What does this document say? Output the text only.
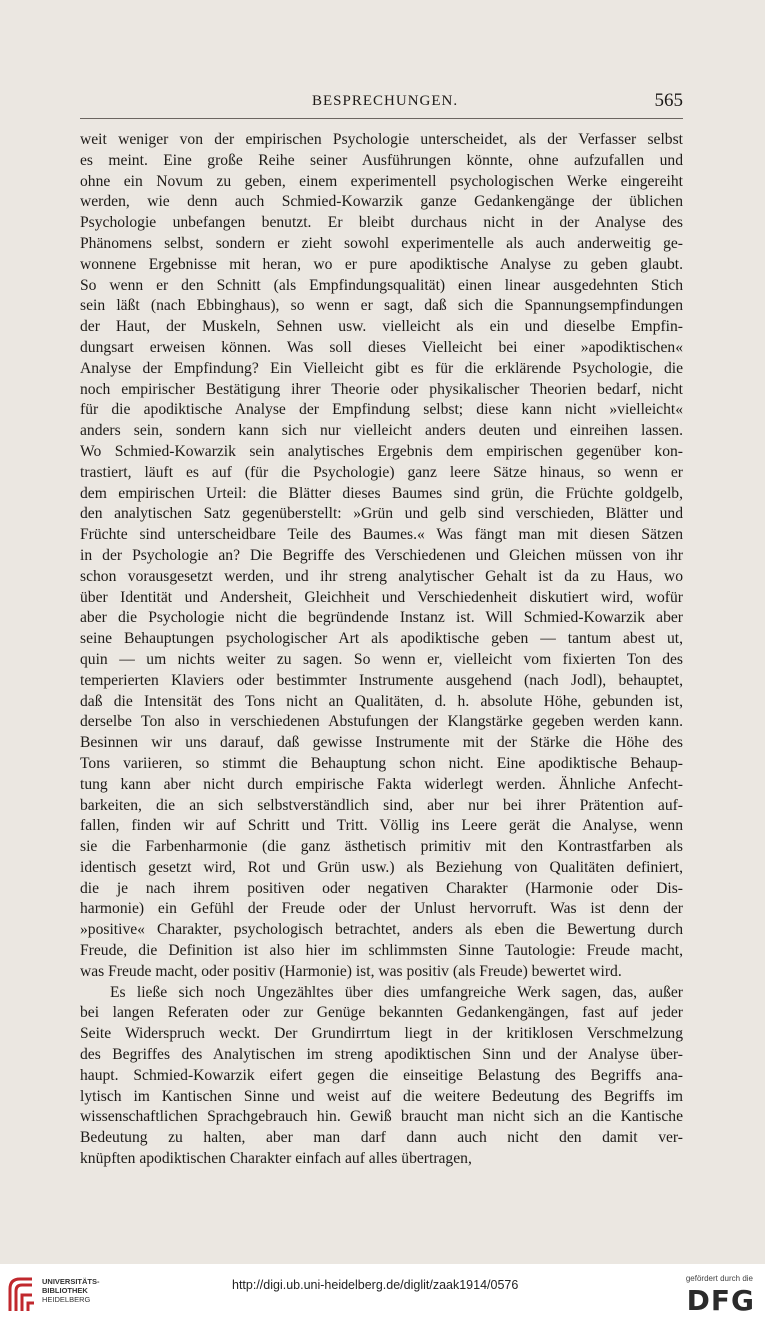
BESPRECHUNGEN.	565
weit weniger von der empirischen Psychologie unterscheidet, als der Verfasser selbst
es meint. Eine große Reihe seiner Ausführungen könnte, ohne aufzufallen und
ohne ein Novum zu geben, einem experimentell psychologischen Werke eingereiht
werden, wie denn auch Schmied-Kowarzik ganze Gedankengänge der üblichen
Psychologie unbefangen benutzt. Er bleibt durchaus nicht in der Analyse des
Phänomens selbst, sondern er zieht sowohl experimentelle als auch anderweitig ge-
wonnene Ergebnisse mit heran, wo er pure apodiktische Analyse zu geben glaubt.
So wenn er den Schnitt (als Empfindungsqualität) einen linear ausgedehnten Stich
sein läßt (nach Ebbinghaus), so wenn er sagt, daß sich die Spannungsempfindungen
der Haut, der Muskeln, Sehnen usw. vielleicht als ein und dieselbe Empfin-
dungsart erweisen können. Was soll dieses Vielleicht bei einer »apodiktischen«
Analyse der Empfindung? Ein Vielleicht gibt es für die erklärende Psychologie, die
noch empirischer Bestätigung ihrer Theorie oder physikalischer Theorien bedarf, nicht
für die apodiktische Analyse der Empfindung selbst; diese kann nicht »vielleicht«
anders sein, sondern kann sich nur vielleicht anders deuten und einreihen lassen.
Wo Schmied-Kowarzik sein analytisches Ergebnis dem empirischen gegenüber kon-
trastiert, läuft es auf (für die Psychologie) ganz leere Sätze hinaus, so wenn er
dem empirischen Urteil: die Blätter dieses Baumes sind grün, die Früchte goldgelb,
den analytischen Satz gegenüberstellt: »Grün und gelb sind verschieden, Blätter und
Früchte sind unterscheidbare Teile des Baumes.« Was fängt man mit diesen Sätzen
in der Psychologie an? Die Begriffe des Verschiedenen und Gleichen müssen von ihr
schon vorausgesetzt werden, und ihr streng analytischer Gehalt ist da zu Haus, wo
über Identität und Andersheit, Gleichheit und Verschiedenheit diskutiert wird, wofür
aber die Psychologie nicht die begründende Instanz ist. Will Schmied-Kowarzik aber
seine Behauptungen psychologischer Art als apodiktische geben — tantum abest ut,
quin — um nichts weiter zu sagen. So wenn er, vielleicht vom fixierten Ton des
temperierten Klaviers oder bestimmter Instrumente ausgehend (nach Jodl), behauptet,
daß die Intensität des Tons nicht an Qualitäten, d. h. absolute Höhe, gebunden ist,
derselbe Ton also in verschiedenen Abstufungen der Klangstärke gegeben werden kann.
Besinnen wir uns darauf, daß gewisse Instrumente mit der Stärke die Höhe des
Tons variieren, so stimmt die Behauptung schon nicht. Eine apodiktische Behaup-
tung kann aber nicht durch empirische Fakta widerlegt werden. Ähnliche Anfecht-
barkeiten, die an sich selbstverständlich sind, aber nur bei ihrer Prätention auf-
fallen, finden wir auf Schritt und Tritt. Völlig ins Leere gerät die Analyse, wenn
sie die Farbenharmonie (die ganz ästhetisch primitiv mit den Kontrastfarben als
identisch gesetzt wird, Rot und Grün usw.) als Beziehung von Qualitäten definiert,
die je nach ihrem positiven oder negativen Charakter (Harmonie oder Dis-
harmonie) ein Gefühl der Freude oder der Unlust hervorruft. Was ist denn der
»positive« Charakter, psychologisch betrachtet, anders als eben die Bewertung durch
Freude, die Definition ist also hier im schlimmsten Sinne Tautologie: Freude macht,
was Freude macht, oder positiv (Harmonie) ist, was positiv (als Freude) bewertet wird.
Es ließe sich noch Ungezähltes über dies umfangreiche Werk sagen, das, außer
bei langen Referaten oder zur Genüge bekannten Gedankengängen, fast auf jeder
Seite Widerspruch weckt. Der Grundirrtum liegt in der kritiklosen Verschmelzung
des Begriffes des Analytischen im streng apodiktischen Sinn und der Analyse über-
haupt. Schmied-Kowarzik eifert gegen die einseitige Belastung des Begriffs ana-
lytisch im Kantischen Sinne und weist auf die weitere Bedeutung des Begriffs im
wissenschaftlichen Sprachgebrauch hin. Gewiß braucht man nicht sich an die Kantische
Bedeutung zu halten, aber man darf dann auch nicht den damit ver-
knüpften apodiktischen Charakter einfach auf alles übertragen,
UNIVERSITÄTS-
BIBLIOTHEK
HEIDELBERG
http://digi.ub.uni-heidelberg.de/diglit/zaak1914/0576	gefördert durch die
DFG
